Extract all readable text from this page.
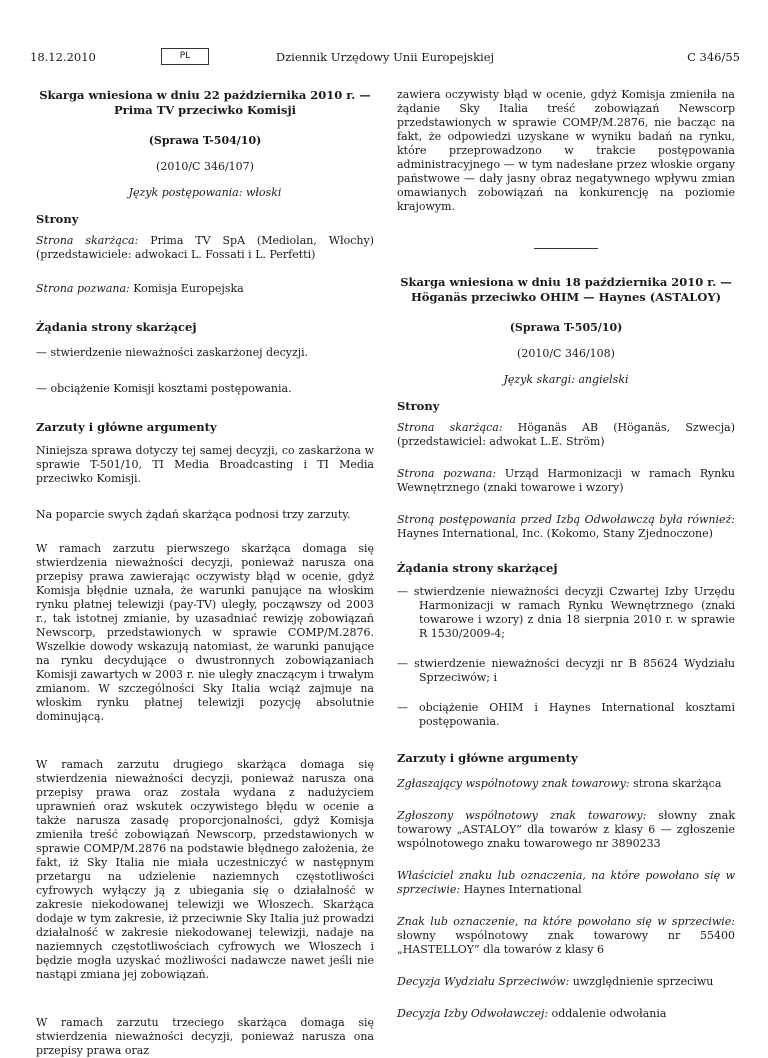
18.12.2010	PL	Dziennik Urzędowy Unii Europejskiej	C 346/55

Skarga wniesiona w dniu 22 października 2010 r. — Prima TV przeciwko Komisji

(Sprawa T-504/10)

(2010/C 346/107)

Język postępowania: włoski

Strony

Strona skarżąca: Prima TV SpA (Mediolan, Włochy) (przedstawiciele: adwokaci L. Fossati i L. Perfetti)

Strona pozwana: Komisja Europejska

Żądania strony skarżącej

— stwierdzenie nieważności zaskarżonej decyzji.

— obciążenie Komisji kosztami postępowania.

Zarzuty i główne argumenty

Niniejsza sprawa dotyczy tej samej decyzji, co zaskarżona w sprawie T-501/10, TI Media Broadcasting i TI Media przeciwko Komisji.

Na poparcie swych żądań skarżąca podnosi trzy zarzuty.

W ramach zarzutu pierwszego skarżąca domaga się stwierdzenia nieważności decyzji, ponieważ narusza ona przepisy prawa zawierając oczywisty błąd w ocenie, gdyż Komisja błędnie uznała, że warunki panujące na włoskim rynku płatnej telewizji (pay-TV) uległy, począwszy od 2003 r., tak istotnej zmianie, by uzasadniać rewizję zobowiązań Newscorp, przedstawionych w sprawie COMP/M.2876. Wszelkie dowody wskazują natomiast, że warunki panujące na rynku decydujące o dwustronnych zobowiązaniach Komisji zawartych w 2003 r. nie uległy znaczącym i trwałym zmianom. W szczególności Sky Italia wciąż zajmuje na włoskim rynku płatnej telewizji pozycję absolutnie dominującą.

W ramach zarzutu drugiego skarżąca domaga się stwierdzenia nieważności decyzji, ponieważ narusza ona przepisy prawa oraz została wydana z nadużyciem uprawnień oraz wskutek oczywistego błędu w ocenie a także narusza zasadę proporcjonalności, gdyż Komisja zmieniła treść zobowiązań Newscorp, przedstawionych w sprawie COMP/M.2876 na podstawie błędnego założenia, że fakt, iż Sky Italia nie miała uczestniczyć w następnym przetargu na udzielenie naziemnych częstotliwości cyfrowych wyłączy ją z ubiegania się o działalność w zakresie niekodowanej telewizji we Włoszech. Skarżąca dodaje w tym zakresie, iż przeciwnie Sky Italia już prowadzi działalność w zakresie niekodowanej telewizji, nadaje na naziemnych częstotliwościach cyfrowych we Włoszech i będzie mogła uzyskać możliwości nadawcze nawet jeśli nie nastąpi zmiana jej zobowiązań.

W ramach zarzutu trzeciego skarżąca domaga się stwierdzenia nieważności decyzji, ponieważ narusza ona przepisy prawa oraz

zawiera oczywisty błąd w ocenie, gdyż Komisja zmieniła na żądanie Sky Italia treść zobowiązań Newscorp przedstawionych w sprawie COMP/M.2876, nie bacząc na fakt, że odpowiedzi uzyskane w wyniku badań na rynku, które przeprowadzono w trakcie postępowania administracyjnego — w tym nadesłane przez włoskie organy państwowe — dały jasny obraz negatywnego wpływu zmian omawianych zobowiązań na konkurencję na poziomie krajowym.

Skarga wniesiona w dniu 18 października 2010 r. — Höganäs przeciwko OHIM — Haynes (ASTALOY)

(Sprawa T-505/10)

(2010/C 346/108)

Język skargi: angielski

Strony

Strona skarżąca: Höganäs AB (Höganäs, Szwecja) (przedstawiciel: adwokat L.E. Ström)

Strona pozwana: Urząd Harmonizacji w ramach Rynku Wewnętrznego (znaki towarowe i wzory)

Stroną postępowania przed Izbą Odwoławczą była również: Haynes International, Inc. (Kokomo, Stany Zjednoczone)

Żądania strony skarżącej

— stwierdzenie nieważności decyzji Czwartej Izby Urzędu Harmonizacji w ramach Rynku Wewnętrznego (znaki towarowe i wzory) z dnia 18 sierpnia 2010 r. w sprawie R 1530/2009-4;

— stwierdzenie nieważności decyzji nr B 85624 Wydziału Sprzeciwów; i

— obciążenie OHIM i Haynes International kosztami postępowania.

Zarzuty i główne argumenty

Zgłaszający wspólnotowy znak towarowy: strona skarżąca

Zgłoszony wspólnotowy znak towarowy: słowny znak towarowy „ASTALOY” dla towarów z klasy 6 — zgłoszenie wspólnotowego znaku towarowego nr 3890233

Właściciel znaku lub oznaczenia, na które powołano się w sprzeciwie: Haynes International

Znak lub oznaczenie, na które powołano się w sprzeciwie: słowny wspólnotowy znak towarowy nr 55400 „HASTELLOY” dla towarów z klasy 6

Decyzja Wydziału Sprzeciwów: uwzględnienie sprzeciwu

Decyzja Izby Odwoławczej: oddalenie odwołania
